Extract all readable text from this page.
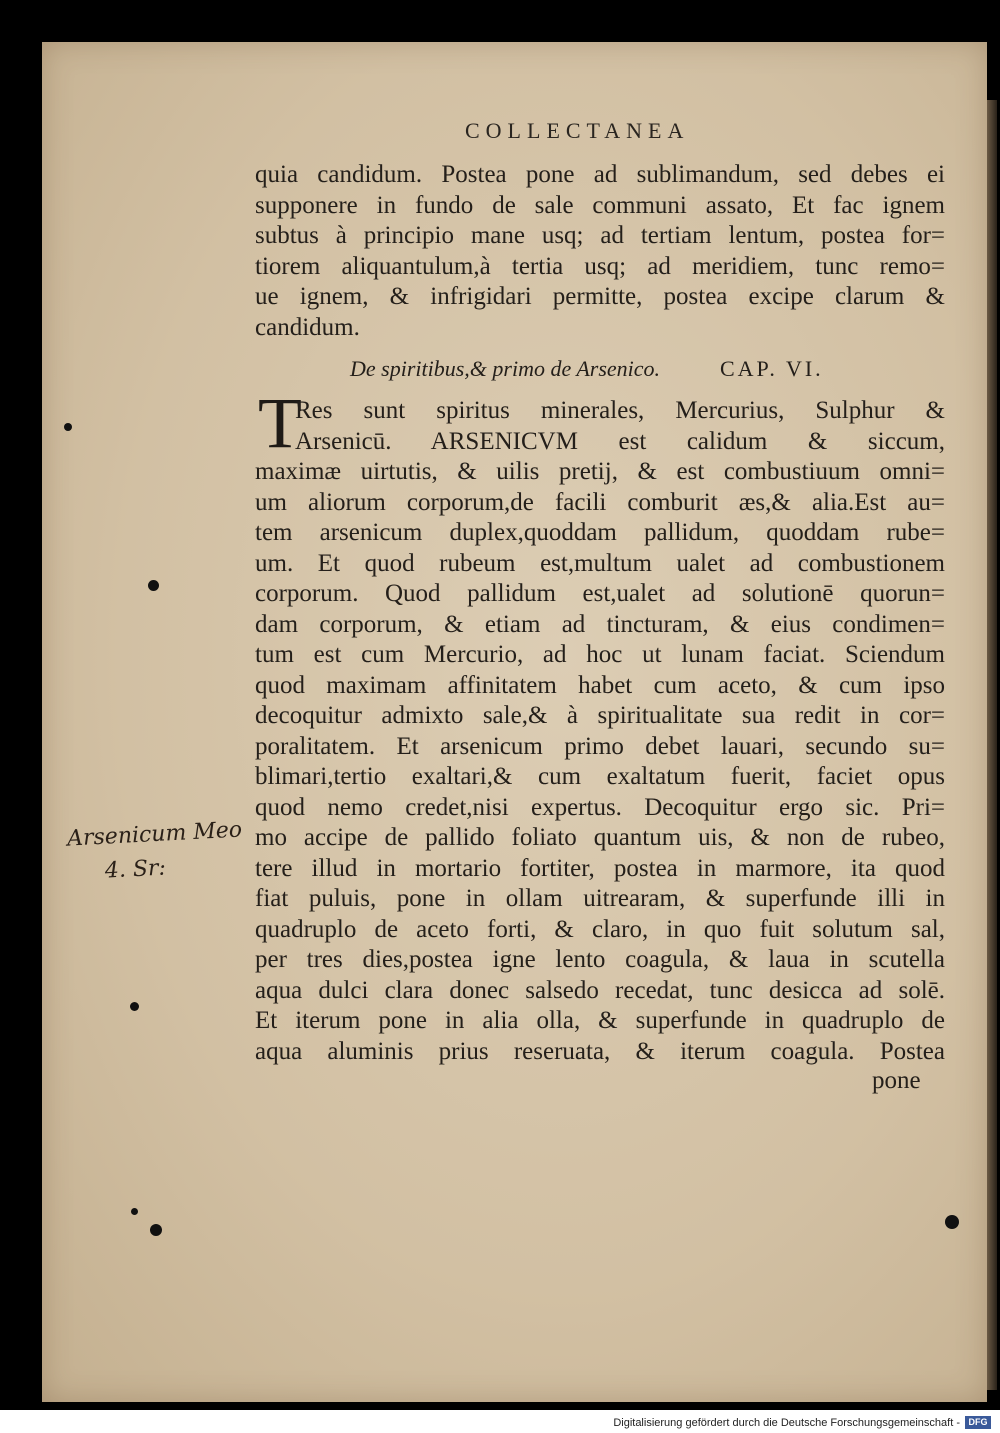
COLLECTANEA
quia candidum. Postea pone ad sublimandum, sed debes ei
supponere in fundo de sale communi assato, Et fac ignem
subtus à principio mane usq; ad tertiam lentum, postea for=
tiorem aliquantulum,à tertia usq; ad meridiem, tunc remo=
ue ignem, & infrigidari permitte, postea excipe clarum &
candidum.
De spiritibus,& primo de Arsenico.	CAP. VI.
T
Res sunt spiritus minerales, Mercurius, Sulphur &
Arsenicū. ARSENICVM est calidum & siccum,
maximæ uirtutis, & uilis pretij, & est combustiuum omni=
um aliorum corporum,de facili comburit æs,& alia.Est au=
tem arsenicum duplex,quoddam pallidum, quoddam rube=
um. Et quod rubeum est,multum ualet ad combustionem
corporum. Quod pallidum est,ualet ad solutionē quorun=
dam corporum, & etiam ad tincturam, & eius condimen=
tum est cum Mercurio, ad hoc ut lunam faciat. Sciendum
quod maximam affinitatem habet cum aceto, & cum ipso
decoquitur admixto sale,& à spiritualitate sua redit in cor=
poralitatem. Et arsenicum primo debet lauari, secundo su=
blimari,tertio exaltari,& cum exaltatum fuerit, faciet opus
quod nemo credet,nisi expertus. Decoquitur ergo sic. Pri=
mo accipe de pallido foliato quantum uis, & non de rubeo,
tere illud in mortario fortiter, postea in marmore, ita quod
fiat puluis, pone in ollam uitrearam, & superfunde illi in
quadruplo de aceto forti, & claro, in quo fuit solutum sal,
per tres dies,postea igne lento coagula, & laua in scutella
aqua dulci clara donec salsedo recedat, tunc desicca ad solē.
Et iterum pone in alia olla, & superfunde in quadruplo de
aqua aluminis prius reseruata, & iterum coagula. Postea
pone
Arsenicum Meo
4. Sr:
Digitalisierung gefördert durch die Deutsche Forschungsgemeinschaft - DFG
